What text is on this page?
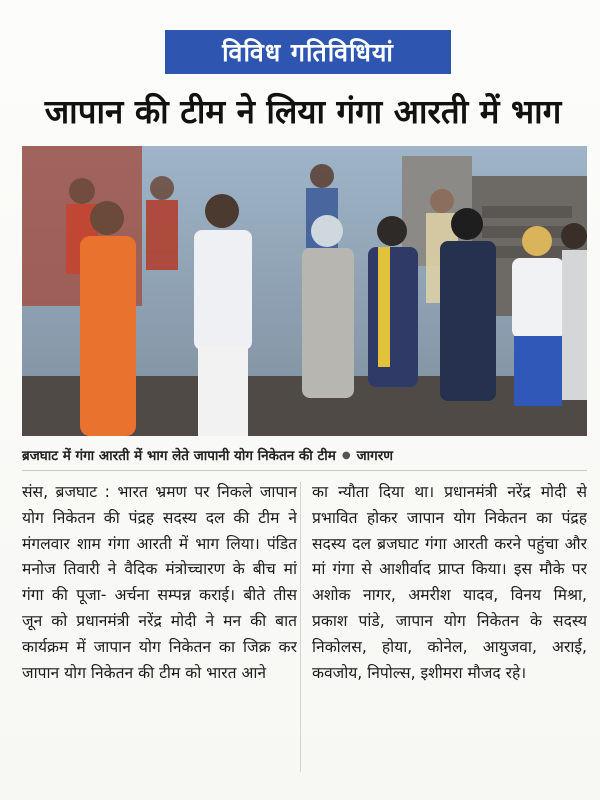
विविध गतिविधियां
जापान की टीम ने लिया गंगा आरती में भाग
ब्रजघाट में गंगा आरती में भाग लेते जापानी योग निकेतन की टीम ● जागरण

संस, ब्रजघाट : भारत भ्रमण पर निकले जापान योग निकेतन की पंद्रह सदस्य दल की टीम ने मंगलवार शाम गंगा आरती में भाग लिया। पंडित मनोज तिवारी ने वैदिक मंत्रोच्चारण के बीच मां गंगा की पूजा- अर्चना सम्पन्न कराई। बीते तीस जून को प्रधानमंत्री नरेंद्र मोदी ने मन की बात कार्यक्रम में जापान योग निकेतन का जिक्र कर जापान योग निकेतन की टीम को भारत आने

का न्यौता दिया था। प्रधानमंत्री नरेंद्र मोदी से प्रभावित होकर जापान योग निकेतन का पंद्रह सदस्य दल ब्रजघाट गंगा आरती करने पहुंचा और मां गंगा से आशीर्वाद प्राप्त किया। इस मौके पर अशोक नागर, अमरीश यादव, विनय मिश्रा, प्रकाश पांडे, जापान योग निकेतन के सदस्य निकोलस, होया, कोनेल, आयुजवा, अराई, कवजोय, निपोल्स, इशीमरा मौजद रहे।
